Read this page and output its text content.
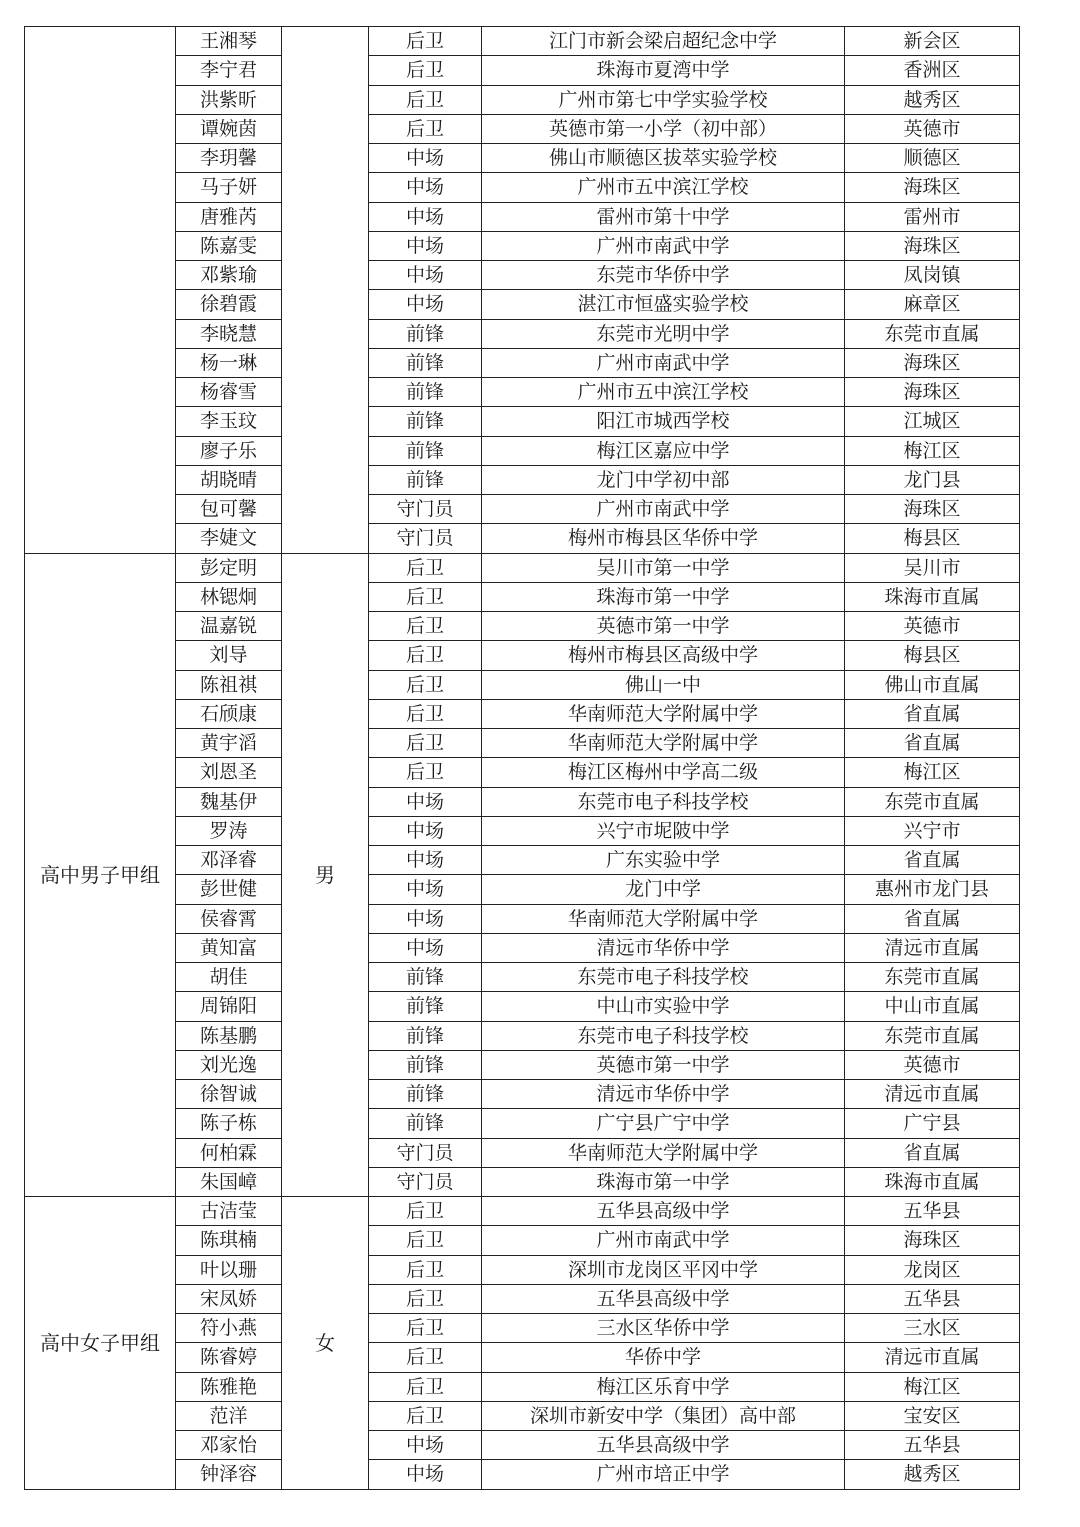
	王湘琴		后卫	江门市新会梁启超纪念中学	新会区
	李宁君		后卫	珠海市夏湾中学	香洲区
	洪紫昕		后卫	广州市第七中学实验学校	越秀区
	谭婉茵		后卫	英德市第一小学（初中部）	英德市
	李玥馨		中场	佛山市顺德区拔萃实验学校	顺德区
	马子妍		中场	广州市五中滨江学校	海珠区
	唐雅芮		中场	雷州市第十中学	雷州市
	陈嘉雯		中场	广州市南武中学	海珠区
	邓紫瑜		中场	东莞市华侨中学	凤岗镇
	徐碧霞		中场	湛江市恒盛实验学校	麻章区
	李晓慧		前锋	东莞市光明中学	东莞市直属
	杨一琳		前锋	广州市南武中学	海珠区
	杨睿雪		前锋	广州市五中滨江学校	海珠区
	李玉玟		前锋	阳江市城西学校	江城区
	廖子乐		前锋	梅江区嘉应中学	梅江区
	胡晓晴		前锋	龙门中学初中部	龙门县
	包可馨		守门员	广州市南武中学	海珠区
	李婕文		守门员	梅州市梅县区华侨中学	梅县区
高中男子甲组	彭定明	男	后卫	吴川市第一中学	吴川市
	林锶炯		后卫	珠海市第一中学	珠海市直属
	温嘉锐		后卫	英德市第一中学	英德市
	刘导		后卫	梅州市梅县区高级中学	梅县区
	陈祖祺		后卫	佛山一中	佛山市直属
	石颀康		后卫	华南师范大学附属中学	省直属
	黄宇滔		后卫	华南师范大学附属中学	省直属
	刘恩圣		后卫	梅江区梅州中学高二级	梅江区
	魏基伊		中场	东莞市电子科技学校	东莞市直属
	罗涛		中场	兴宁市坭陂中学	兴宁市
	邓泽睿		中场	广东实验中学	省直属
	彭世健		中场	龙门中学	惠州市龙门县
	侯睿霄		中场	华南师范大学附属中学	省直属
	黄知富		中场	清远市华侨中学	清远市直属
	胡佳		前锋	东莞市电子科技学校	东莞市直属
	周锦阳		前锋	中山市实验中学	中山市直属
	陈基鹏		前锋	东莞市电子科技学校	东莞市直属
	刘光逸		前锋	英德市第一中学	英德市
	徐智诚		前锋	清远市华侨中学	清远市直属
	陈子栋		前锋	广宁县广宁中学	广宁县
	何柏霖		守门员	华南师范大学附属中学	省直属
	朱国嶂		守门员	珠海市第一中学	珠海市直属
高中女子甲组	古洁莹	女	后卫	五华县高级中学	五华县
	陈琪楠		后卫	广州市南武中学	海珠区
	叶以珊		后卫	深圳市龙岗区平冈中学	龙岗区
	宋凤娇		后卫	五华县高级中学	五华县
	符小燕		后卫	三水区华侨中学	三水区
	陈睿婷		后卫	华侨中学	清远市直属
	陈雅艳		后卫	梅江区乐育中学	梅江区
	范洋		后卫	深圳市新安中学（集团）高中部	宝安区
	邓家怡		中场	五华县高级中学	五华县
	钟泽容		中场	广州市培正中学	越秀区
